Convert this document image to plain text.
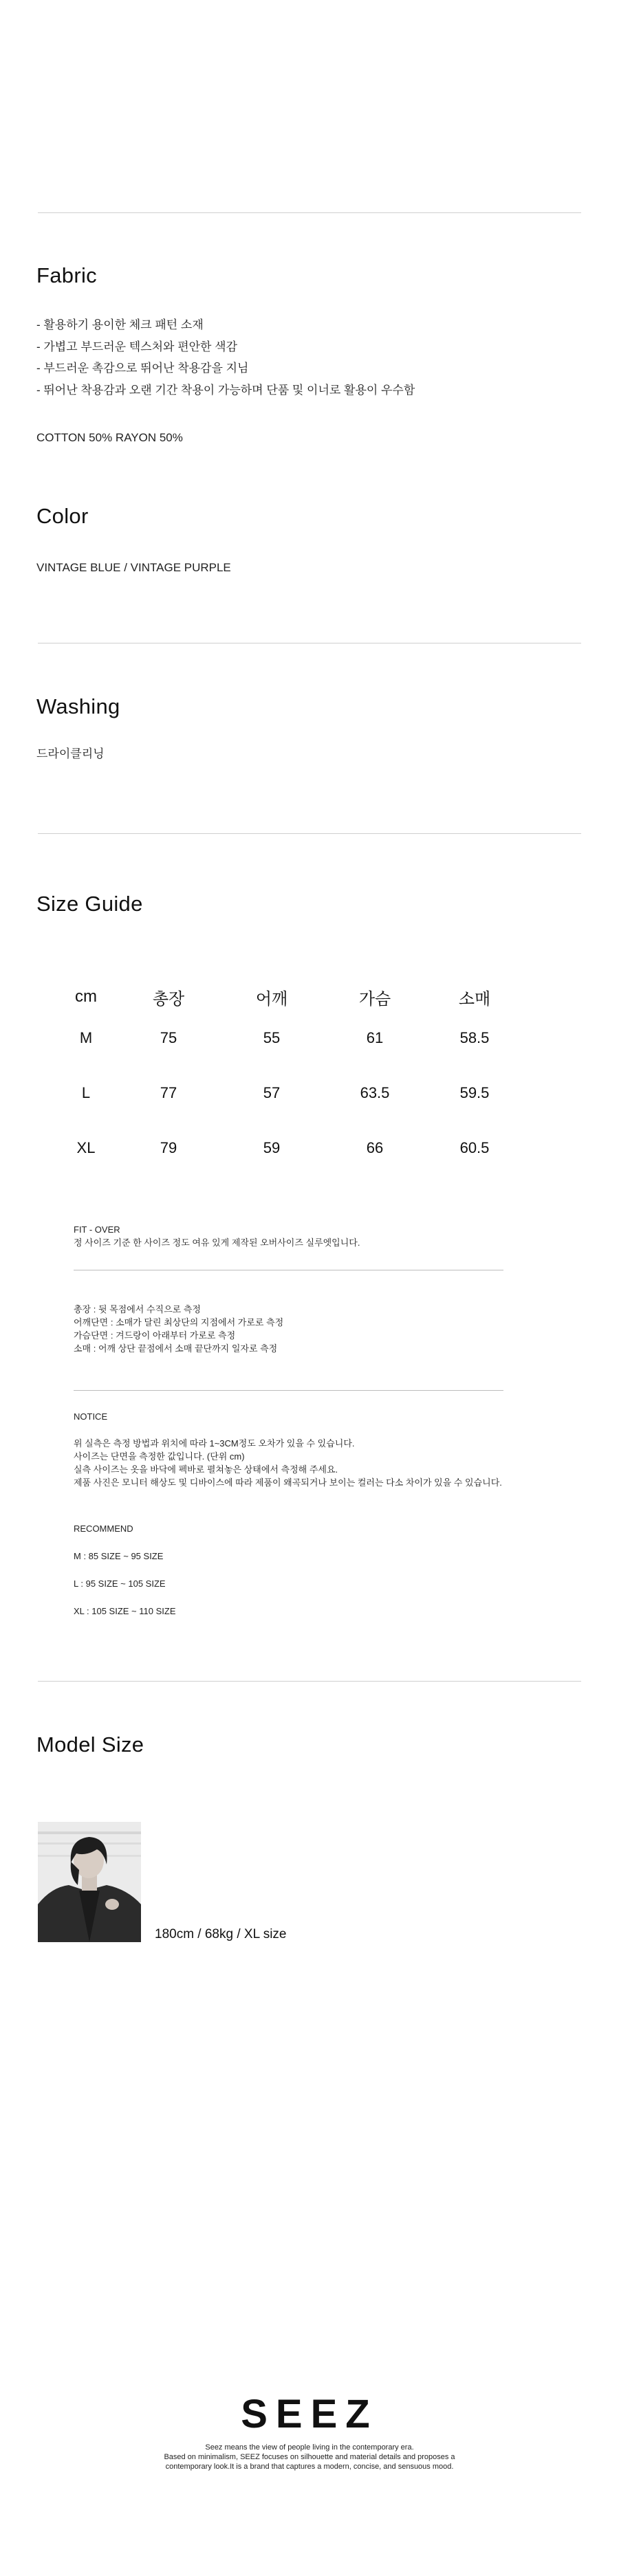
Fabric
- 활용하기 용이한 체크 패턴 소재
- 가볍고 부드러운 텍스처와 편안한 색감
- 부드러운 촉감으로 뛰어난 착용감을 지님
- 뛰어난 착용감과 오랜 기간 착용이 가능하며 단품 및 이너로 활용이 우수함
COTTON 50% RAYON 50%
Color
VINTAGE BLUE / VINTAGE PURPLE
Washing
드라이클리닝
Size Guide
cm	총장	어깨	가슴	소매
M	75	55	61	58.5
L	77	57	63.5	59.5
XL	79	59	66	60.5
FIT - OVER
정 사이즈 기준 한 사이즈 정도 여유 있게 제작된 오버사이즈 실루엣입니다.
총장 : 뒷 목점에서 수직으로 측정
어깨단면 : 소매가 달린 최상단의 지점에서 가로로 측정
가슴단면 : 겨드랑이 아래부터 가로로 측정
소매 : 어깨 상단 끝점에서 소매 끝단까지 일자로 측정
NOTICE
위 실측은 측정 방법과 위치에 따라 1~3CM정도 오차가 있을 수 있습니다.
사이즈는 단면을 측정한 값입니다. (단위 cm)
실측 사이즈는 옷을 바닥에 펙바로 펼쳐놓은 상태에서 측정해 주세요.
제품 사진은 모니터 해상도 및 디바이스에 따라 제품이 왜곡되거나 보이는 컬러는 다소 차이가 있을 수 있습니다.
RECOMMEND
M : 85 SIZE ~ 95 SIZE
L : 95 SIZE ~ 105 SIZE
XL : 105 SIZE ~ 110 SIZE
Model Size
180cm / 68kg / XL size
SEEZ
Seez means the view of people living in the contemporary era.
Based on minimalism, SEEZ focuses on silhouette and material details and proposes a
contemporary look.It is a brand that captures a modern, concise, and sensuous mood.
